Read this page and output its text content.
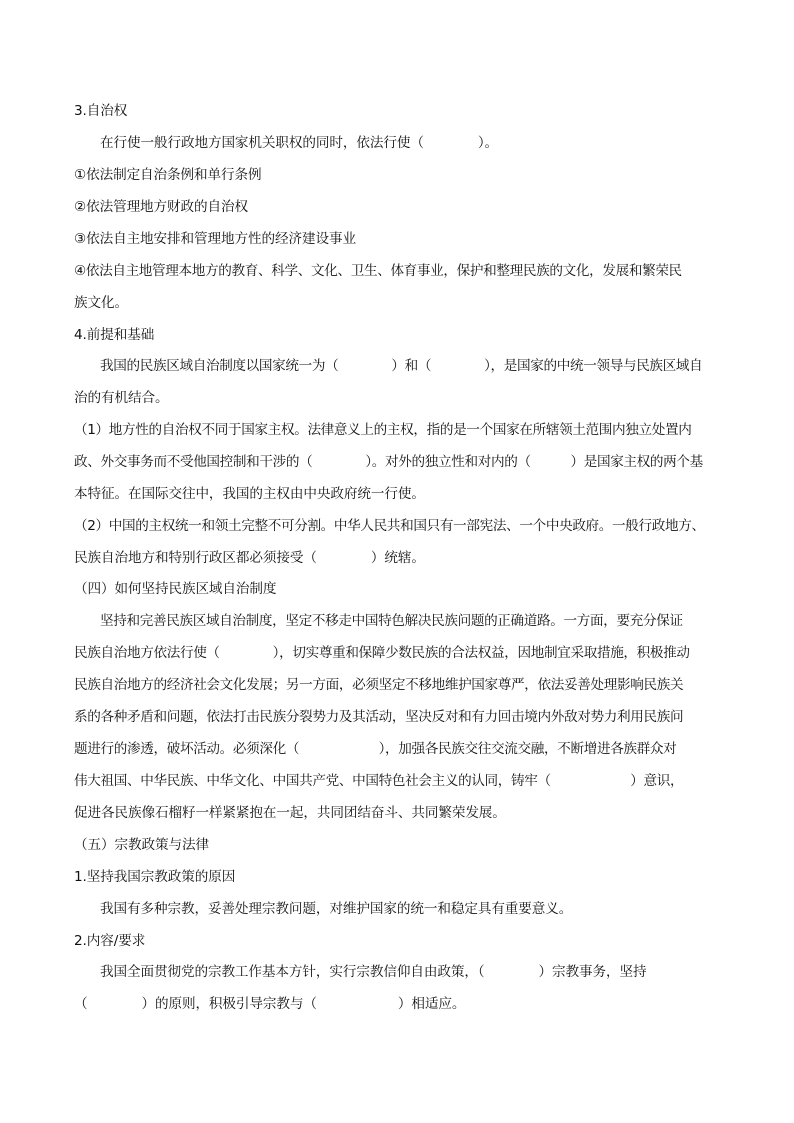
3.自治权
在行使一般行政地方国家机关职权的同时，依法行使（　　　　）。
①依法制定自治条例和单行条例
②依法管理地方财政的自治权
③依法自主地安排和管理地方性的经济建设事业
④依法自主地管理本地方的教育、科学、文化、卫生、体育事业，保护和整理民族的文化，发展和繁荣民
族文化。
4.前提和基础
我国的民族区域自治制度以国家统一为（　　　　）和（　　　　），是国家的中统一领导与民族区域自
治的有机结合。
（1）地方性的自治权不同于国家主权。法律意义上的主权，指的是一个国家在所辖领土范围内独立处置内
政、外交事务而不受他国控制和干涉的（　　　　）。对外的独立性和对内的（　　　）是国家主权的两个基
本特征。在国际交往中，我国的主权由中央政府统一行使。
（2）中国的主权统一和领土完整不可分割。中华人民共和国只有一部宪法、一个中央政府。一般行政地方、
民族自治地方和特别行政区都必须接受（　　　　）统辖。
（四）如何坚持民族区域自治制度
坚持和完善民族区域自治制度，坚定不移走中国特色解决民族问题的正确道路。一方面，要充分保证
民族自治地方依法行使（　　　　），切实尊重和保障少数民族的合法权益，因地制宜采取措施，积极推动
民族自治地方的经济社会文化发展；另一方面，必须坚定不移地维护国家尊严，依法妥善处理影响民族关
系的各种矛盾和问题，依法打击民族分裂势力及其活动，坚决反对和有力回击境内外敌对势力利用民族问
题进行的渗透，破坏活动。必须深化（　　　　　　），加强各民族交往交流交融，不断增进各族群众对
伟大祖国、中华民族、中华文化、中国共产党、中国特色社会主义的认同，铸牢（　　　　　　）意识，
促进各民族像石榴籽一样紧紧抱在一起，共同团结奋斗、共同繁荣发展。
（五）宗教政策与法律
1.坚持我国宗教政策的原因
我国有多种宗教，妥善处理宗教问题，对维护国家的统一和稳定具有重要意义。
2.内容/要求
我国全面贯彻党的宗教工作基本方针，实行宗教信仰自由政策，（　　　　）宗教事务，坚持
（　　　　）的原则，积极引导宗教与（　　　　　　）相适应。
